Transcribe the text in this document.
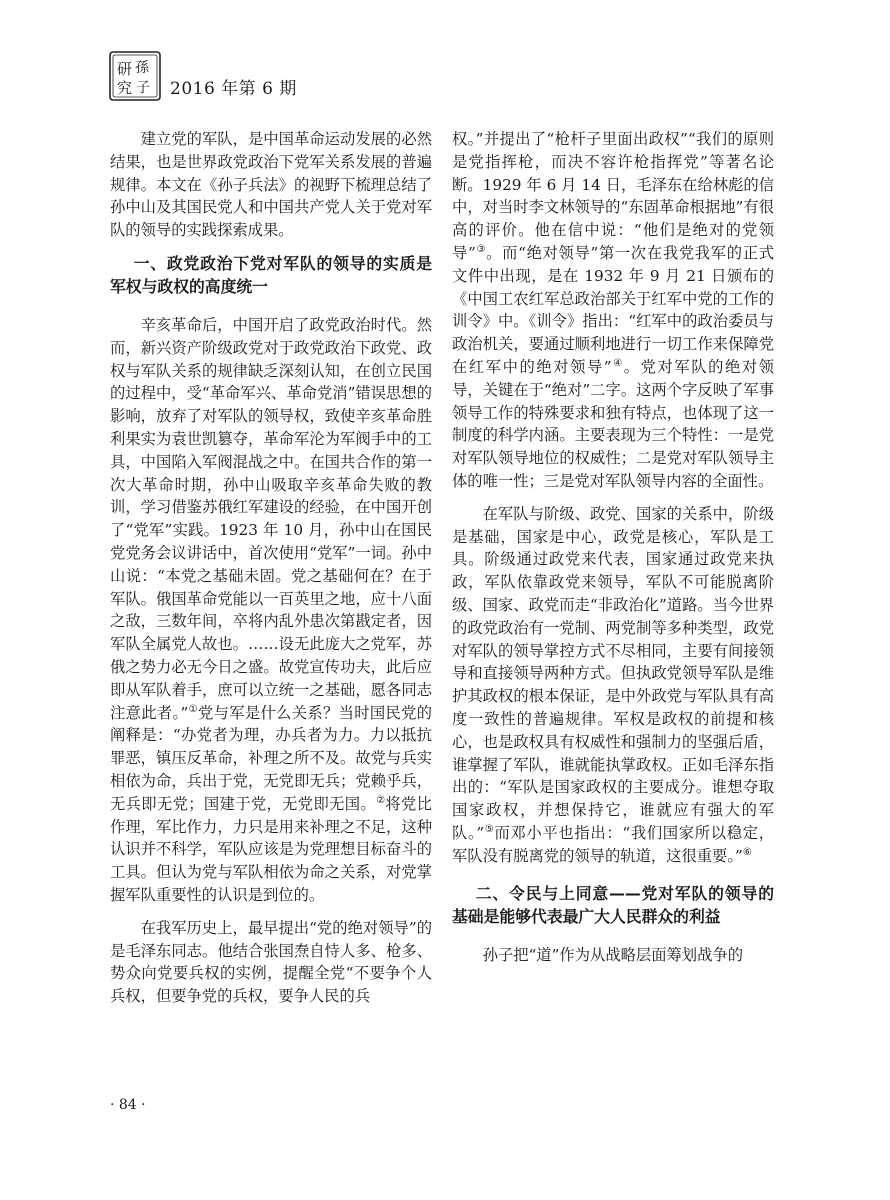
研 孫
究 子 2016 年第 6 期

建立党的军队，是中国革命运动发展的必然结果，也是世界政党政治下党军关系发展的普遍规律。本文在《孙子兵法》的视野下梳理总结了孙中山及其国民党人和中国共产党人关于党对军队的领导的实践探索成果。

一、政党政治下党对军队的领导的实质是军权与政权的高度统一

辛亥革命后，中国开启了政党政治时代。然而，新兴资产阶级政党对于政党政治下政党、政权与军队关系的规律缺乏深刻认知，在创立民国的过程中，受“革命军兴、革命党消”错误思想的影响，放弃了对军队的领导权，致使辛亥革命胜利果实为袁世凯篡夺，革命军沦为军阀手中的工具，中国陷入军阀混战之中。在国共合作的第一次大革命时期，孙中山吸取辛亥革命失败的教训，学习借鉴苏俄红军建设的经验，在中国开创了“党军”实践。1923 年 10 月，孙中山在国民党党务会议讲话中，首次使用“党军”一词。孙中山说：“本党之基础未固。党之基础何在？在于军队。俄国革命党能以一百英里之地，应十八面之敌，三数年间，卒将内乱外患次第戡定者，因军队全属党人故也。……设无此庞大之党军，苏俄之势力必无今日之盛。故党宣传功夫，此后应即从军队着手，庶可以立统一之基础，愿各同志注意此者。”①党与军是什么关系？当时国民党的阐释是：“办党者为理，办兵者为力。力以抵抗罪恶，镇压反革命，补理之所不及。故党与兵实相依为命，兵出于党，无党即无兵；党赖乎兵，无兵即无党；国建于党，无党即无国。②将党比作理，军比作力，力只是用来补理之不足，这种认识并不科学，军队应该是为党理想目标奋斗的工具。但认为党与军队相依为命之关系，对党掌握军队重要性的认识是到位的。

在我军历史上，最早提出“党的绝对领导”的是毛泽东同志。他结合张国焘自恃人多、枪多、势众向党要兵权的实例，提醒全党“不要争个人兵权，但要争党的兵权，要争人民的兵

权。”并提出了“枪杆子里面出政权”“我们的原则是党指挥枪，而决不容许枪指挥党”等著名论断。1929 年 6 月 14 日，毛泽东在给林彪的信中，对当时李文林领导的“东固革命根据地”有很高的评价。他在信中说：“他们是绝对的党领导”③。而“绝对领导”第一次在我党我军的正式文件中出现，是在 1932 年 9 月 21 日颁布的《中国工农红军总政治部关于红军中党的工作的训令》中。《训令》指出：“红军中的政治委员与政治机关，要通过顺利地进行一切工作来保障党在红军中的绝对领导”④。党对军队的绝对领导，关键在于“绝对”二字。这两个字反映了军事领导工作的特殊要求和独有特点，也体现了这一制度的科学内涵。主要表现为三个特性：一是党对军队领导地位的权威性；二是党对军队领导主体的唯一性；三是党对军队领导内容的全面性。

在军队与阶级、政党、国家的关系中，阶级是基础，国家是中心，政党是核心，军队是工具。阶级通过政党来代表，国家通过政党来执政，军队依靠政党来领导，军队不可能脱离阶级、国家、政党而走“非政治化”道路。当今世界的政党政治有一党制、两党制等多种类型，政党对军队的领导掌控方式不尽相同，主要有间接领导和直接领导两种方式。但执政党领导军队是维护其政权的根本保证，是中外政党与军队具有高度一致性的普遍规律。军权是政权的前提和核心，也是政权具有权威性和强制力的坚强后盾，谁掌握了军队，谁就能执掌政权。正如毛泽东指出的：“军队是国家政权的主要成分。谁想夺取国家政权，并想保持它，谁就应有强大的军队。”⑤而邓小平也指出：“我们国家所以稳定，军队没有脱离党的领导的轨道，这很重要。”⑥

二、令民与上同意——党对军队的领导的基础是能够代表最广大人民群众的利益

孙子把“道”作为从战略层面筹划战争的

· 84 ·
